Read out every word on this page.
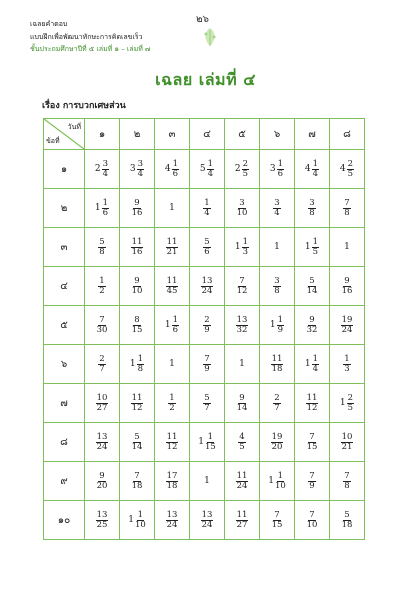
เฉลยคำตอบ
แบบฝึกเพื่อพัฒนาทักษะการคิดเลขเร็ว
ชั้นประถมศึกษาปีที่ ๕ เล่มที่ ๑ – เล่มที่ ๗
๒๖
เฉลย เล่มที่ ๔
เรื่อง การบวกเศษส่วน
วันที่
ข้อที่	๑	๒	๓	๔	๕	๖	๗	๘
๑	$2 \frac{3}{4}$	$3 \frac{3}{4}$	$4 \frac{1}{6}$	$5 \frac{1}{4}$	$2 \frac{2}{5}$	$3 \frac{1}{6}$	$4 \frac{1}{4}$	$4 \frac{2}{5}$

๒	$1 \frac{1}{6}$	$\frac{9}{16}$	1	$\frac{1}{4}$	$\frac{3}{10}$	$\frac{3}{4}$	$\frac{3}{8}$	$\frac{7}{8}$

๓	$\frac{5}{8}$	$\frac{11}{16}$	$\frac{11}{21}$	$\frac{5}{6}$	$1 \frac{1}{3}$	1	$1 \frac{1}{5}$	1

๔	$\frac{1}{2}$	$\frac{9}{10}$	$\frac{11}{45}$	$\frac{13}{24}$	$\frac{7}{12}$	$\frac{3}{8}$	$\frac{5}{14}$	$\frac{9}{16}$

๕	$\frac{7}{30}$	$\frac{8}{15}$	$1 \frac{1}{6}$	$\frac{2}{9}$	$\frac{13}{32}$	$1 \frac{1}{9}$	$\frac{9}{32}$	$\frac{19}{24}$

๖	$\frac{2}{7}$	$1 \frac{1}{8}$	1	$\frac{7}{9}$	1	$\frac{11}{18}$	$1 \frac{1}{4}$	$\frac{1}{3}$

๗	$\frac{10}{27}$	$\frac{11}{12}$	$\frac{1}{2}$	$\frac{5}{7}$	$\frac{9}{14}$	$\frac{2}{7}$	$\frac{11}{12}$	$1 \frac{2}{5}$

๘	$\frac{13}{24}$	$\frac{5}{14}$	$\frac{11}{12}$	$1 \frac{1}{15}$	$\frac{4}{5}$	$\frac{19}{20}$	$\frac{7}{15}$	$\frac{10}{21}$

๙	$\frac{9}{20}$	$\frac{7}{18}$	$\frac{17}{18}$	1	$\frac{11}{24}$	$1 \frac{1}{10}$	$\frac{7}{9}$	$\frac{7}{8}$

๑๐	$\frac{13}{25}$	$1 \frac{1}{10}$	$\frac{13}{24}$	$\frac{13}{24}$	$\frac{11}{27}$	$\frac{7}{15}$	$\frac{7}{10}$	$\frac{5}{18}$
